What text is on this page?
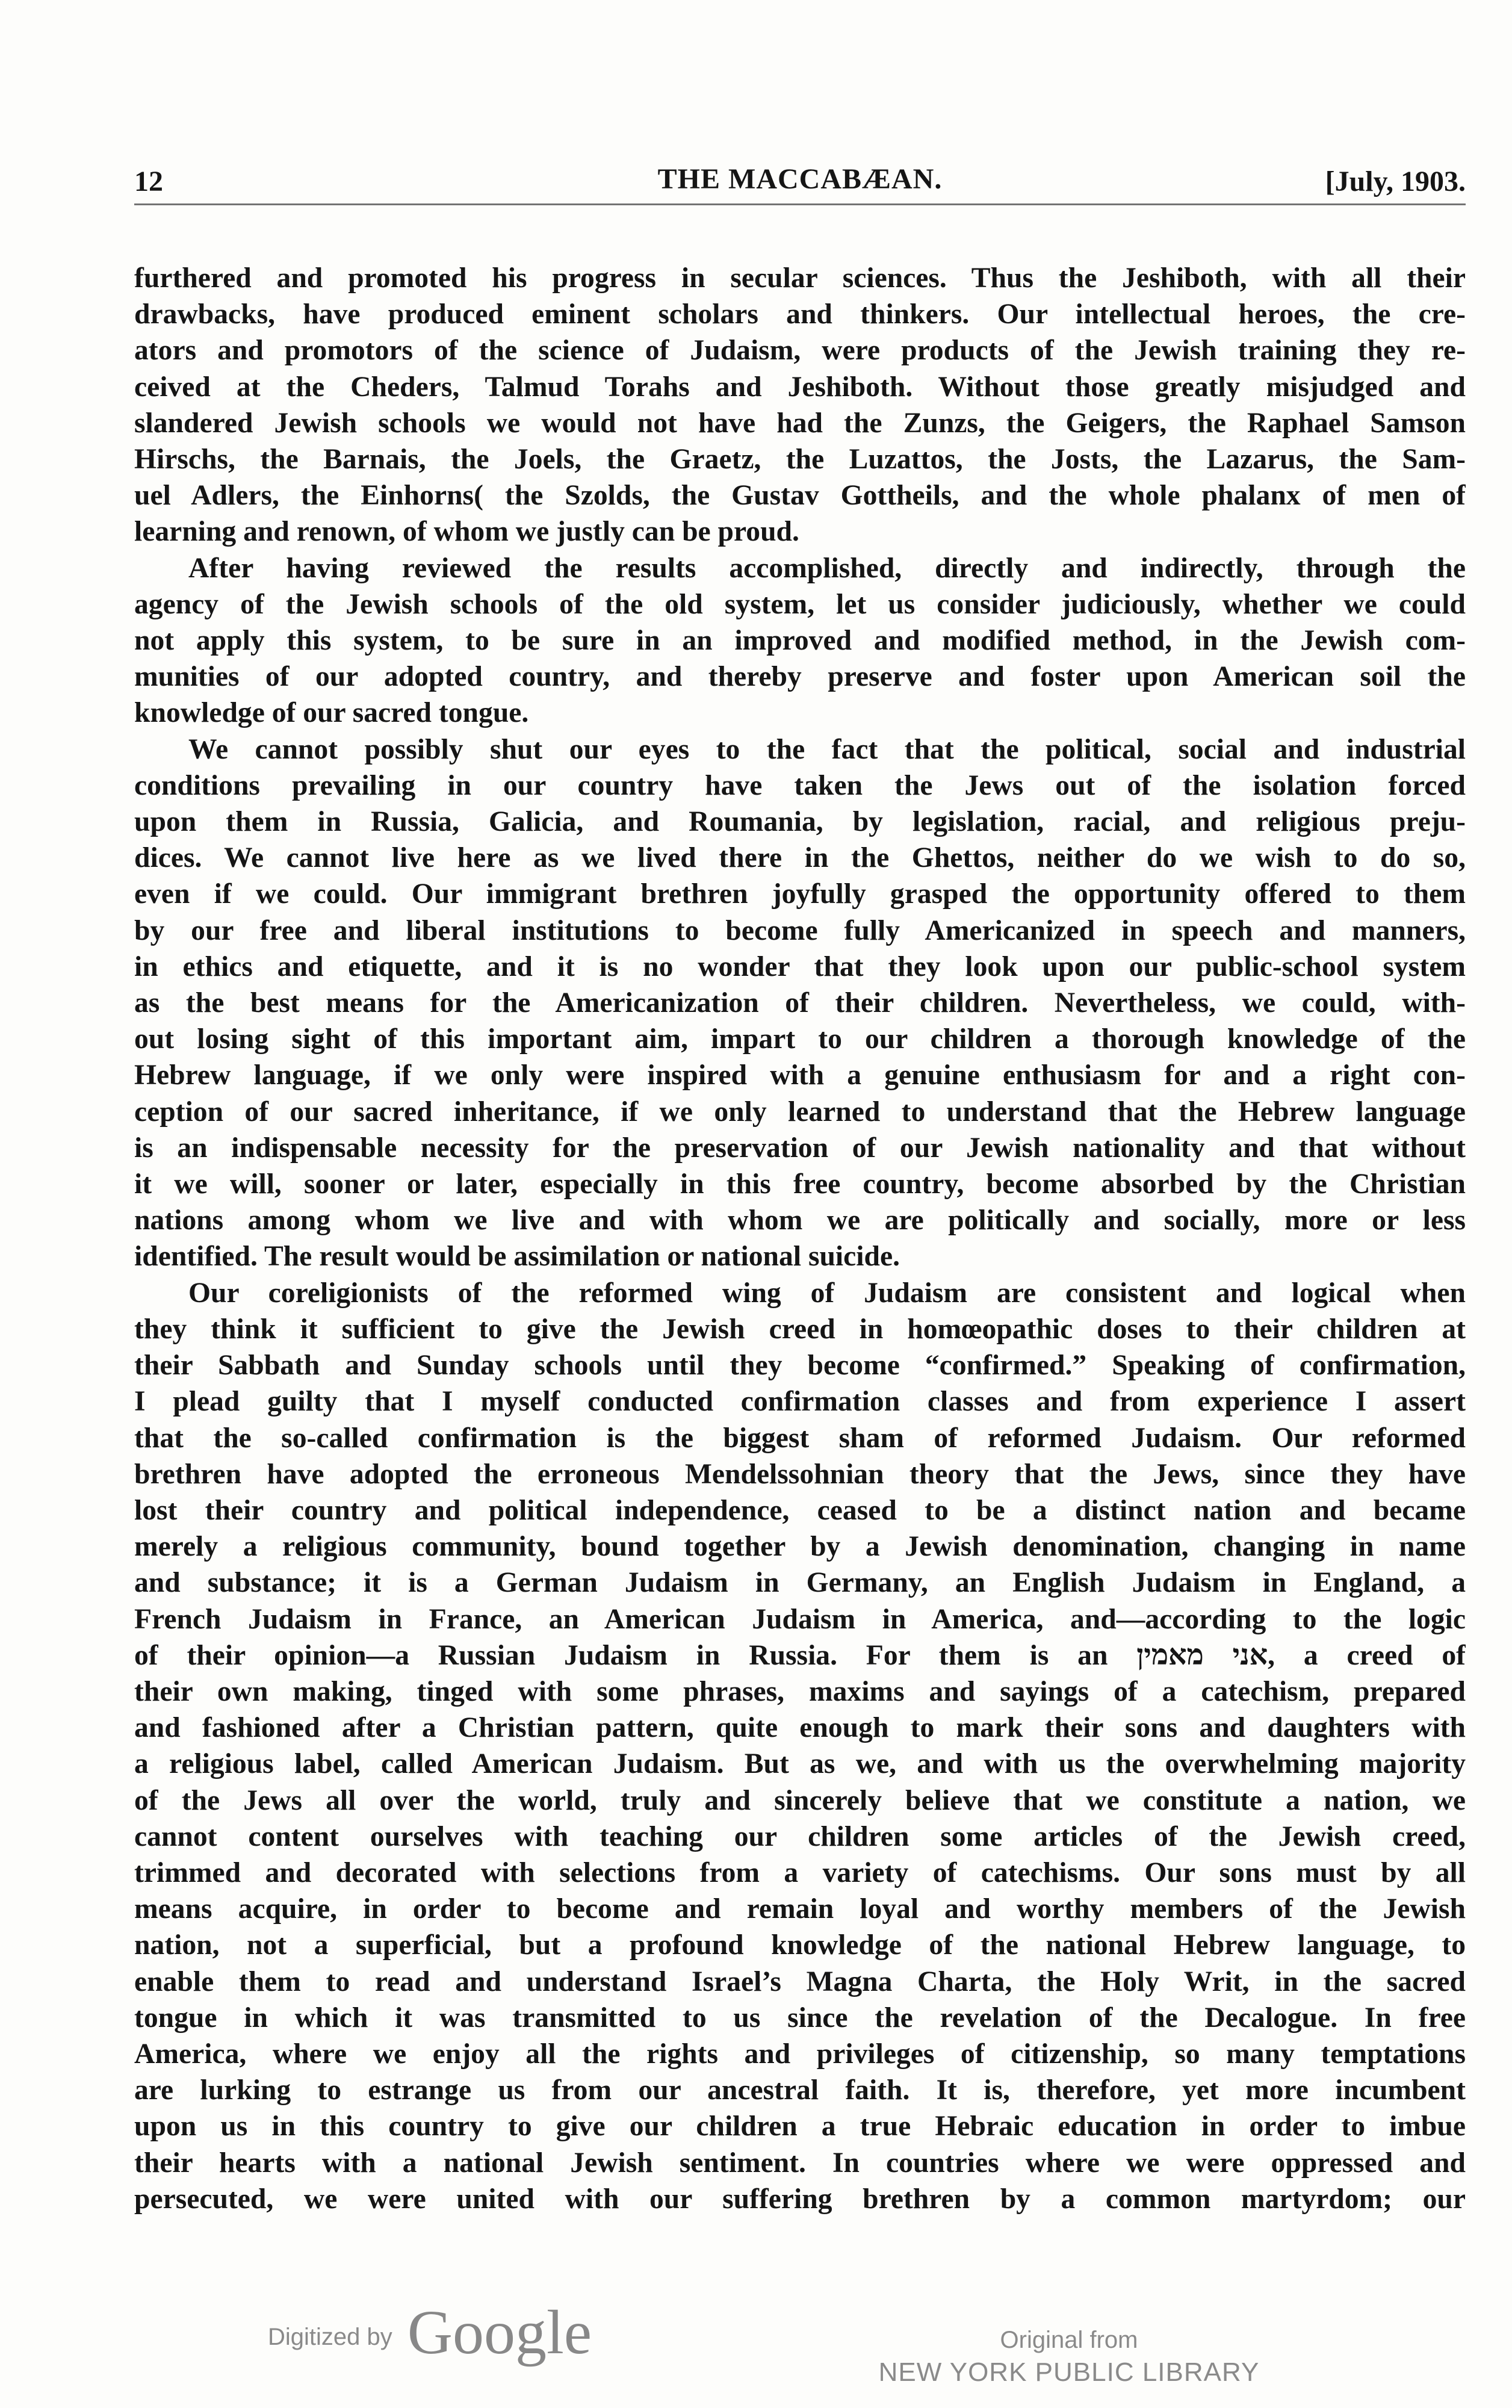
12	THE MACCABÆAN.	[July, 1903.
furthered and promoted his progress in secular sciences. Thus the Jeshiboth, with all their
drawbacks, have produced eminent scholars and thinkers. Our intellectual heroes, the cre-
ators and promotors of the science of Judaism, were products of the Jewish training they re-
ceived at the Cheders, Talmud Torahs and Jeshiboth. Without those greatly misjudged and
slandered Jewish schools we would not have had the Zunzs, the Geigers, the Raphael Samson
Hirschs, the Barnais, the Joels, the Graetz, the Luzattos, the Josts, the Lazarus, the Sam-
uel Adlers, the Einhorns( the Szolds, the Gustav Gottheils, and the whole phalanx of men of
learning and renown, of whom we justly can be proud.
After having reviewed the results accomplished, directly and indirectly, through the
agency of the Jewish schools of the old system, let us consider judiciously, whether we could
not apply this system, to be sure in an improved and modified method, in the Jewish com-
munities of our adopted country, and thereby preserve and foster upon American soil the
knowledge of our sacred tongue.
We cannot possibly shut our eyes to the fact that the political, social and industrial
conditions prevailing in our country have taken the Jews out of the isolation forced
upon them in Russia, Galicia, and Roumania, by legislation, racial, and religious preju-
dices. We cannot live here as we lived there in the Ghettos, neither do we wish to do so,
even if we could. Our immigrant brethren joyfully grasped the opportunity offered to them
by our free and liberal institutions to become fully Americanized in speech and manners,
in ethics and etiquette, and it is no wonder that they look upon our public-school system
as the best means for the Americanization of their children. Nevertheless, we could, with-
out losing sight of this important aim, impart to our children a thorough knowledge of the
Hebrew language, if we only were inspired with a genuine enthusiasm for and a right con-
ception of our sacred inheritance, if we only learned to understand that the Hebrew language
is an indispensable necessity for the preservation of our Jewish nationality and that without
it we will, sooner or later, especially in this free country, become absorbed by the Christian
nations among whom we live and with whom we are politically and socially, more or less
identified. The result would be assimilation or national suicide.
Our coreligionists of the reformed wing of Judaism are consistent and logical when
they think it sufficient to give the Jewish creed in homœopathic doses to their children at
their Sabbath and Sunday schools until they become “confirmed.” Speaking of confirmation,
I plead guilty that I myself conducted confirmation classes and from experience I assert
that the so-called confirmation is the biggest sham of reformed Judaism. Our reformed
brethren have adopted the erroneous Mendelssohnian theory that the Jews, since they have
lost their country and political independence, ceased to be a distinct nation and became
merely a religious community, bound together by a Jewish denomination, changing in name
and substance; it is a German Judaism in Germany, an English Judaism in England, a
French Judaism in France, an American Judaism in America, and—according to the logic
of their opinion—a Russian Judaism in Russia. For them is an אני מאמין, a creed of
their own making, tinged with some phrases, maxims and sayings of a catechism, prepared
and fashioned after a Christian pattern, quite enough to mark their sons and daughters with
a religious label, called American Judaism. But as we, and with us the overwhelming majority
of the Jews all over the world, truly and sincerely believe that we constitute a nation, we
cannot content ourselves with teaching our children some articles of the Jewish creed,
trimmed and decorated with selections from a variety of catechisms. Our sons must by all
means acquire, in order to become and remain loyal and worthy members of the Jewish
nation, not a superficial, but a profound knowledge of the national Hebrew language, to
enable them to read and understand Israel’s Magna Charta, the Holy Writ, in the sacred
tongue in which it was transmitted to us since the revelation of the Decalogue. In free
America, where we enjoy all the rights and privileges of citizenship, so many temptations
are lurking to estrange us from our ancestral faith. It is, therefore, yet more incumbent
upon us in this country to give our children a true Hebraic education in order to imbue
their hearts with a national Jewish sentiment. In countries where we were oppressed and
persecuted, we were united with our suffering brethren by a common martyrdom; our
Digitized by Google	Original from
NEW YORK PUBLIC LIBRARY
